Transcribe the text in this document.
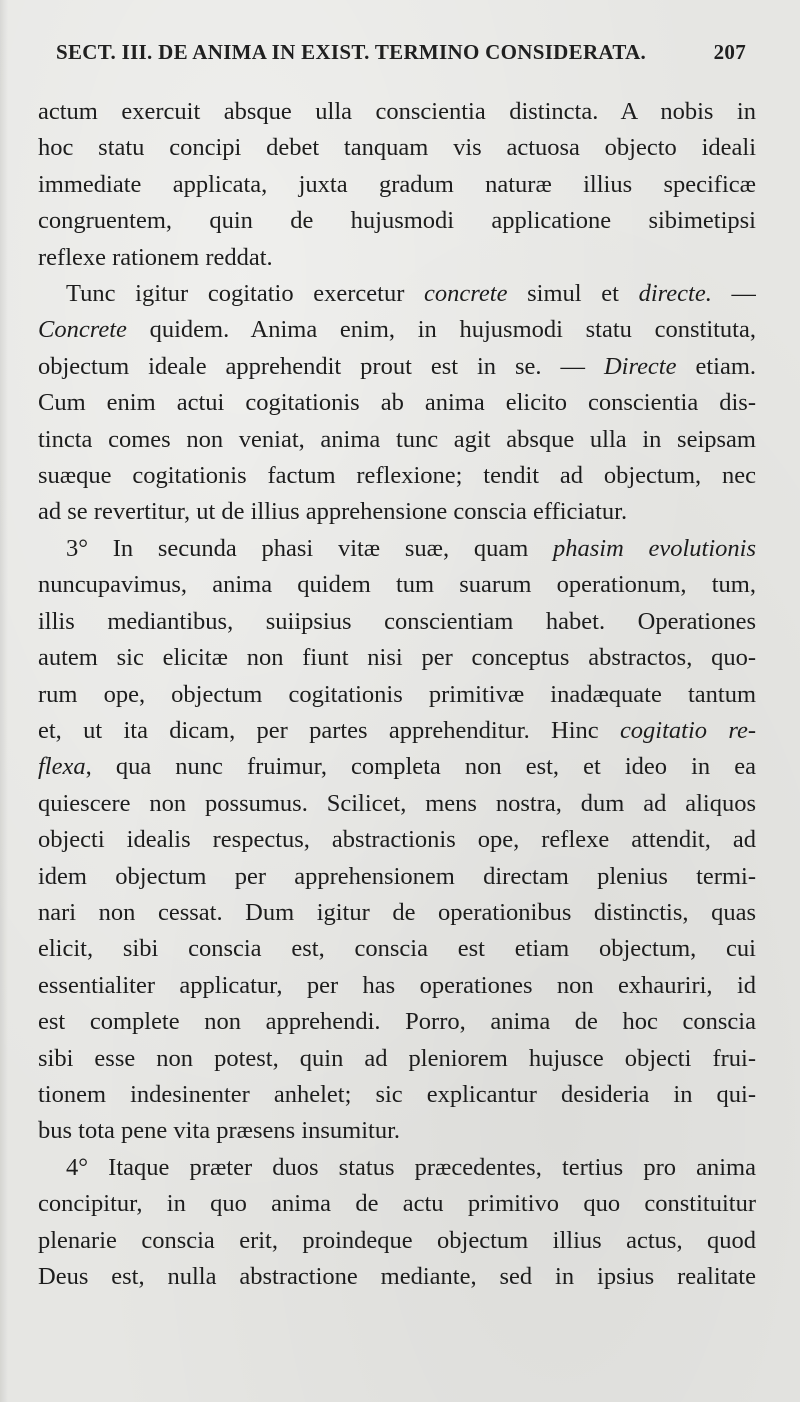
SECT. III. DE ANIMA IN EXIST. TERMINO CONSIDERATA.	207
actum exercuit absque ulla conscientia distincta. A nobis in
hoc statu concipi debet tanquam vis actuosa objecto ideali
immediate applicata, juxta gradum naturæ illius specificæ
congruentem, quin de hujusmodi applicatione sibimetipsi
reflexe rationem reddat.
Tunc igitur cogitatio exercetur concrete simul et directe. —
Concrete quidem. Anima enim, in hujusmodi statu constituta,
objectum ideale apprehendit prout est in se. — Directe etiam.
Cum enim actui cogitationis ab anima elicito conscientia dis-
tincta comes non veniat, anima tunc agit absque ulla in seipsam
suæque cogitationis factum reflexione; tendit ad objectum, nec
ad se revertitur, ut de illius apprehensione conscia efficiatur.
3° In secunda phasi vitæ suæ, quam phasim evolutionis
nuncupavimus, anima quidem tum suarum operationum, tum,
illis mediantibus, suiipsius conscientiam habet. Operationes
autem sic elicitæ non fiunt nisi per conceptus abstractos, quo-
rum ope, objectum cogitationis primitivæ inadæquate tantum
et, ut ita dicam, per partes apprehenditur. Hinc cogitatio re-
flexa, qua nunc fruimur, completa non est, et ideo in ea
quiescere non possumus. Scilicet, mens nostra, dum ad aliquos
objecti idealis respectus, abstractionis ope, reflexe attendit, ad
idem objectum per apprehensionem directam plenius termi-
nari non cessat. Dum igitur de operationibus distinctis, quas
elicit, sibi conscia est, conscia est etiam objectum, cui
essentialiter applicatur, per has operationes non exhauriri, id
est complete non apprehendi. Porro, anima de hoc conscia
sibi esse non potest, quin ad pleniorem hujusce objecti frui-
tionem indesinenter anhelet; sic explicantur desideria in qui-
bus tota pene vita præsens insumitur.
4° Itaque præter duos status præcedentes, tertius pro anima
concipitur, in quo anima de actu primitivo quo constituitur
plenarie conscia erit, proindeque objectum illius actus, quod
Deus est, nulla abstractione mediante, sed in ipsius realitate
